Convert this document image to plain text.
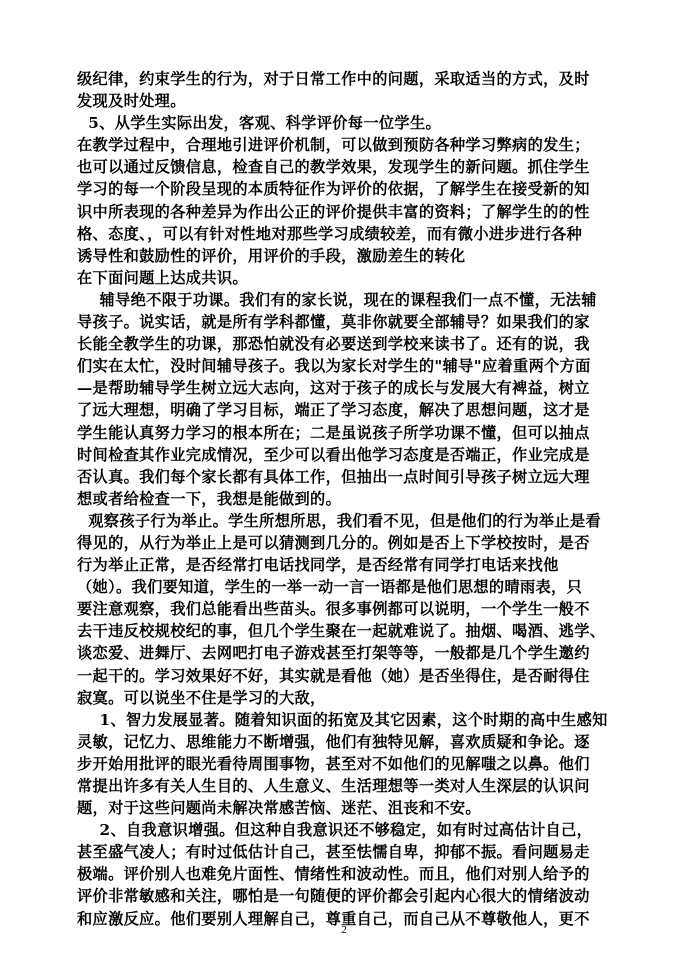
级纪律，约束学生的行为，对于日常工作中的问题，采取适当的方式，及时
发现及时处理。
5、从学生实际出发，客观、科学评价每一位学生。
在教学过程中，合理地引进评价机制，可以做到预防各种学习弊病的发生；
也可以通过反馈信息，检查自己的教学效果，发现学生的新问题。抓住学生
学习的每一个阶段呈现的本质特征作为评价的依据，了解学生在接受新的知
识中所表现的各种差异为作出公正的评价提供丰富的资料；了解学生的的性
格、态度、，可以有针对性地对那些学习成绩较差，而有微小进步进行各种
诱导性和鼓励性的评价，用评价的手段，激励差生的转化
在下面问题上达成共识。
辅导绝不限于功课。我们有的家长说，现在的课程我们一点不懂，无法辅
导孩子。说实话，就是所有学科都懂，莫非你就要全部辅导？如果我们的家
长能全教学生的功课，那恐怕就没有必要送到学校来读书了。还有的说，我
们实在太忙，没时间辅导孩子。我以为家长对学生的"辅导"应着重两个方面
—是帮助辅导学生树立远大志向，这对于孩子的成长与发展大有裨益，树立
了远大理想，明确了学习目标，端正了学习态度，解决了思想问题，这才是
学生能认真努力学习的根本所在；二是虽说孩子所学功课不懂，但可以抽点
时间检查其作业完成情况，至少可以看出他学习态度是否端正，作业完成是
否认真。我们每个家长都有具体工作，但抽出一点时间引导孩子树立远大理
想或者给检查一下，我想是能做到的。
观察孩子行为举止。学生所想所思，我们看不见，但是他们的行为举止是看
得见的，从行为举止上是可以猜测到几分的。例如是否上下学校按时，是否
行为举止正常，是否经常打电话找同学，是否经常有同学打电话来找他
（她）。我们要知道，学生的一举一动一言一语都是他们思想的晴雨表，只
要注意观察，我们总能看出些苗头。很多事例都可以说明，一个学生一般不
去干违反校规校纪的事，但几个学生聚在一起就难说了。抽烟、喝酒、逃学、
谈恋爱、进舞厅、去网吧打电子游戏甚至打架等等，一般都是几个学生邀约
一起干的。学习效果好不好，其实就是看他（她）是否坐得住，是否耐得住
寂寞。可以说坐不住是学习的大敌，
1、智力发展显著。随着知识面的拓宽及其它因素，这个时期的高中生感知
灵敏，记忆力、思维能力不断增强，他们有独特见解，喜欢质疑和争论。逐
步开始用批评的眼光看待周围事物，甚至对不如他们的见解嗤之以鼻。他们
常提出许多有关人生目的、人生意义、生活理想等一类对人生深层的认识问
题，对于这些问题尚未解决常感苦恼、迷茫、沮丧和不安。
2、自我意识增强。但这种自我意识还不够稳定，如有时过高估计自己，
甚至盛气凌人；有时过低估计自己，甚至怯懦自卑，抑郁不振。看问题易走
极端。评价别人也难免片面性、情绪性和波动性。而且，他们对别人给予的
评价非常敏感和关注，哪怕是一句随便的评价都会引起内心很大的情绪波动
和应激反应。他们要别人理解自己，尊重自己，而自己从不尊敬他人，更不
2
